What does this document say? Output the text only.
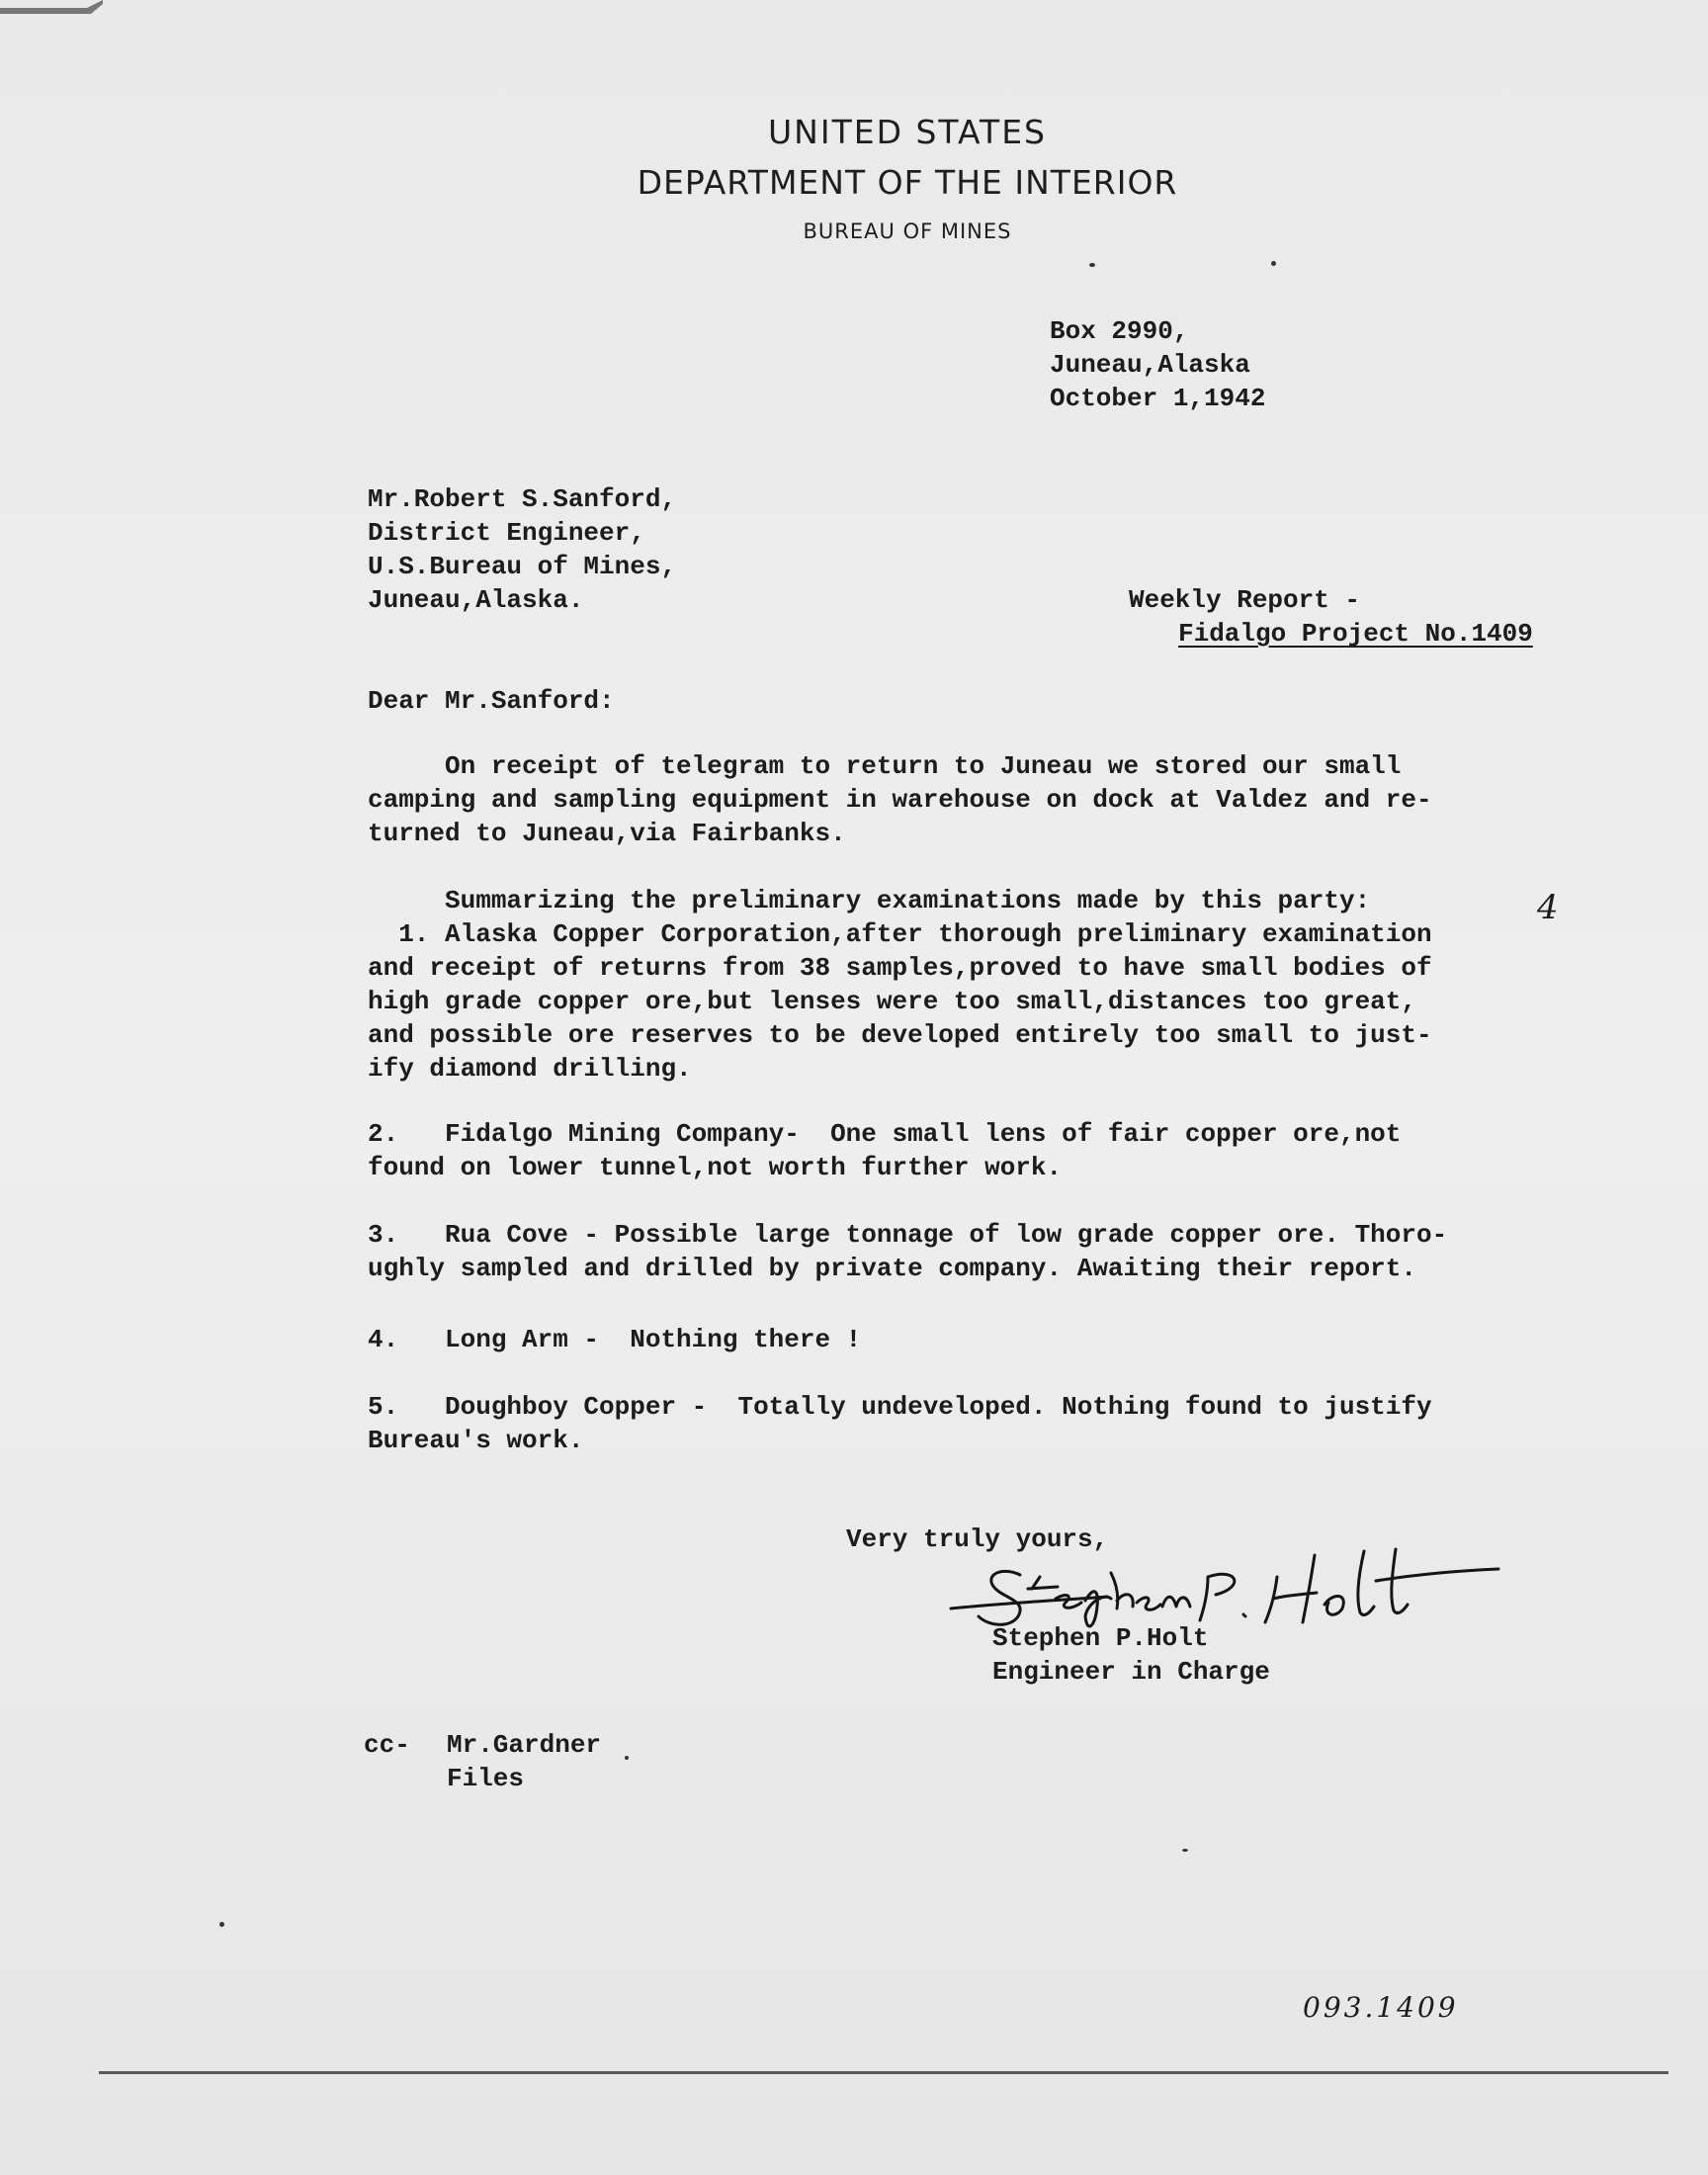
UNITED STATES
DEPARTMENT OF THE INTERIOR
BUREAU OF MINES
Box 2990,
Juneau,Alaska
October 1,1942
Mr.Robert S.Sanford,
District Engineer,
U.S.Bureau of Mines,
Juneau,Alaska.	Weekly Report -
Fidalgo Project No.1409
Dear Mr.Sanford:
On receipt of telegram to return to Juneau we stored our small
camping and sampling equipment in warehouse on dock at Valdez and re-
turned to Juneau,via Fairbanks.
Summarizing the preliminary examinations made by this party:	4
1. Alaska Copper Corporation,after thorough preliminary examination
and receipt of returns from 38 samples,proved to have small bodies of
high grade copper ore,but lenses were too small,distances too great,
and possible ore reserves to be developed entirely too small to just-
ify diamond drilling.
2.   Fidalgo Mining Company-  One small lens of fair copper ore,not
found on lower tunnel,not worth further work.
3.   Rua Cove - Possible large tonnage of low grade copper ore. Thoro-
ughly sampled and drilled by private company. Awaiting their report.
4.   Long Arm -  Nothing there !
5.   Doughboy Copper -  Totally undeveloped. Nothing found to justify
Bureau's work.
Very truly yours,
Stephen P.Holt
Engineer in Charge
cc- Mr.Gardner
Files
093.1409
